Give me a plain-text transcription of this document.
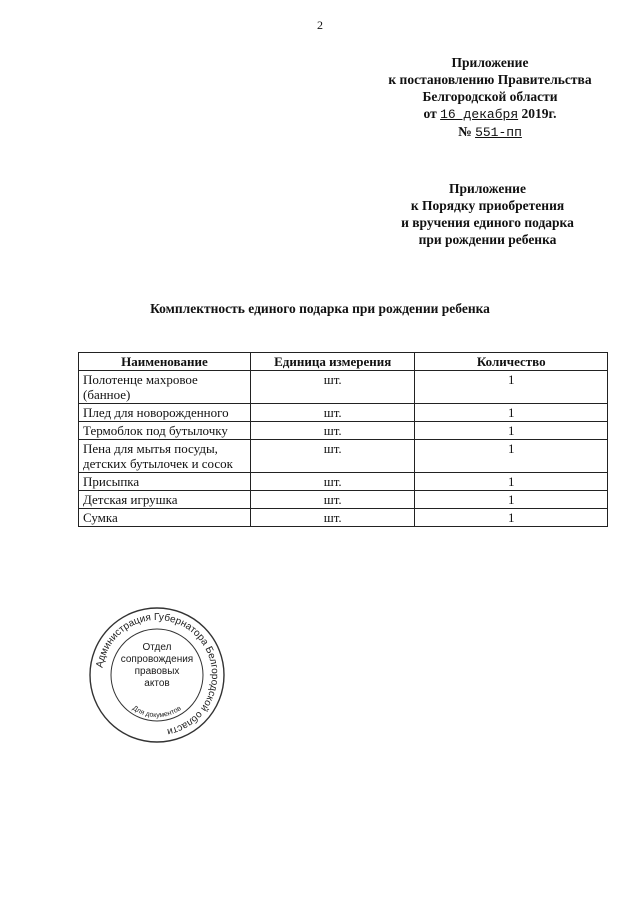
2
Приложение
к постановлению Правительства
Белгородской области
от 16 декабря 2019г.
№ 551-пп
Приложение
к Порядку приобретения
и вручения единого подарка
при рождении ребенка
Комплектность единого подарка при рождении ребенка
Наименование	Единица измерения	Количество
Полотенце махровое (банное)	шт.	1
Плед для новорожденного	шт.	1
Термоблок под бутылочку	шт.	1
Пена для мытья посуды, детских бутылочек и сосок	шт.	1
Присыпка	шт.	1
Детская игрушка	шт.	1
Сумка	шт.	1
Администрация Губернатора Белгородской области
Для документов
Отдел
сопровождения
правовых
актов
